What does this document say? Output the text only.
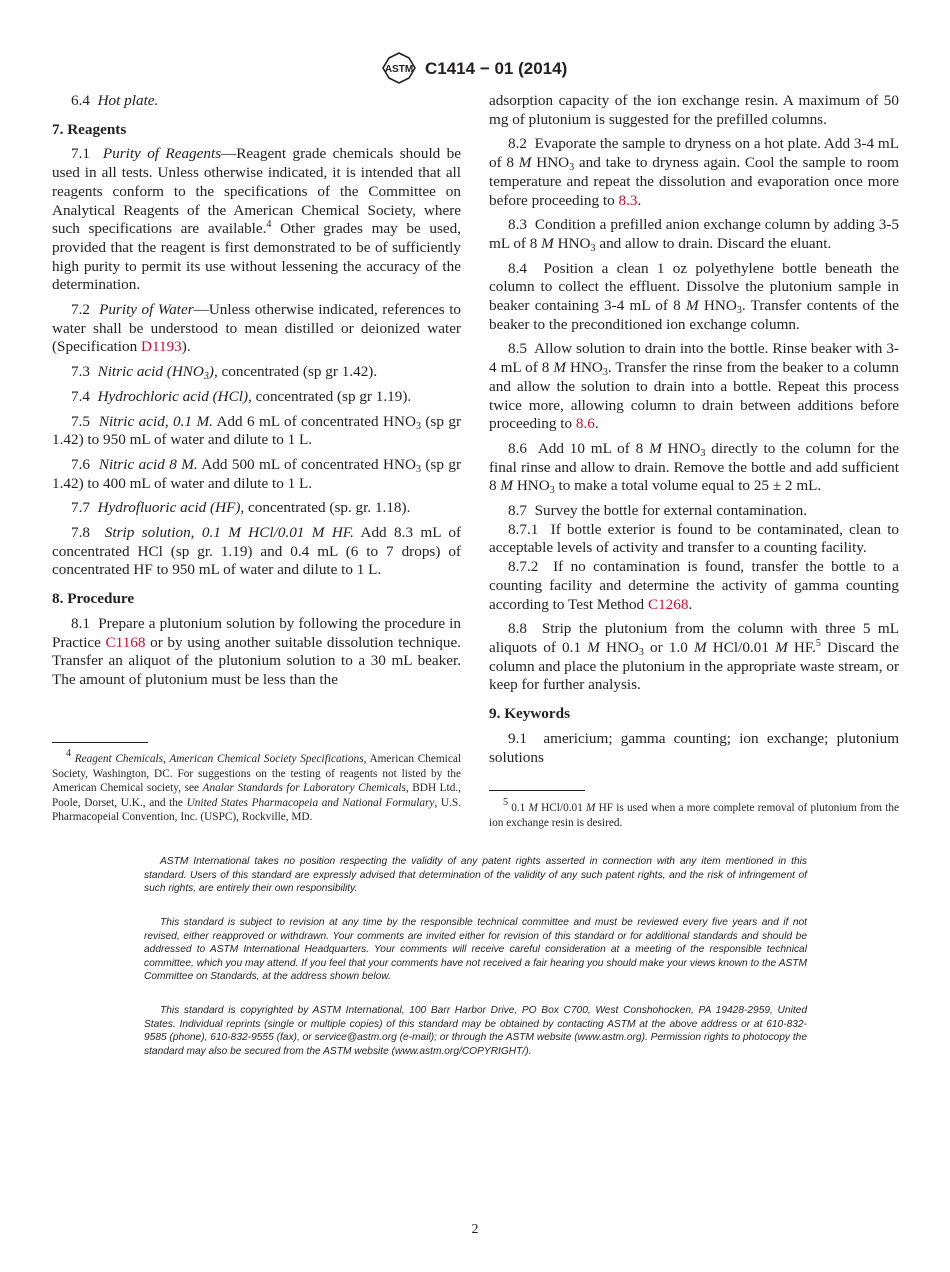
ASTM C1414 − 01 (2014)

6.4 Hot plate.

7. Reagents

7.1 Purity of Reagents—Reagent grade chemicals should be used in all tests. Unless otherwise indicated, it is intended that all reagents conform to the specifications of the Committee on Analytical Reagents of the American Chemical Society, where such specifications are available.$^4$ Other grades may be used, provided that the reagent is first demonstrated to be of sufficiently high purity to permit its use without lessening the accuracy of the determination.

7.2 Purity of Water—Unless otherwise indicated, references to water shall be understood to mean distilled or deionized water (Specification D1193).

7.3 Nitric acid $(HNO_3)$, concentrated (sp gr 1.42).

7.4 Hydrochloric acid (HCl), concentrated (sp gr 1.19).

7.5 Nitric acid, 0.1 M. Add 6 mL of concentrated $HNO_3$ (sp gr 1.42) to 950 mL of water and dilute to 1 L.

7.6 Nitric acid 8 M. Add 500 mL of concentrated $HNO_3$ (sp gr 1.42) to 400 mL of water and dilute to 1 L.

7.7 Hydrofluoric acid (HF), concentrated (sp. gr. 1.18).

7.8 Strip solution, 0.1 M HCl/0.01 M HF. Add 8.3 mL of concentrated HCl (sp gr. 1.19) and 0.4 mL (6 to 7 drops) of concentrated HF to 950 mL of water and dilute to 1 L.

8. Procedure

8.1 Prepare a plutonium solution by following the procedure in Practice C1168 or by using another suitable dissolution technique. Transfer an aliquot of the plutonium solution to a 30 mL beaker. The amount of plutonium must be less than the

adsorption capacity of the ion exchange resin. A maximum of 50 mg of plutonium is suggested for the prefilled columns.

8.2 Evaporate the sample to dryness on a hot plate. Add 3-4 mL of 8 M $HNO_3$ and take to dryness again. Cool the sample to room temperature and repeat the dissolution and evaporation once more before proceeding to 8.3.

8.3 Condition a prefilled anion exchange column by adding 3-5 mL of 8 M $HNO_3$ and allow to drain. Discard the eluant.

8.4 Position a clean 1 oz polyethylene bottle beneath the column to collect the effluent. Dissolve the plutonium sample in beaker containing 3-4 mL of 8 M $HNO_3$. Transfer contents of the beaker to the preconditioned ion exchange column.

8.5 Allow solution to drain into the bottle. Rinse beaker with 3-4 mL of 8 M $HNO_3$. Transfer the rinse from the beaker to a column and allow the solution to drain into a bottle. Repeat this process twice more, allowing column to drain between additions before proceeding to 8.6.

8.6 Add 10 mL of 8 M $HNO_3$ directly to the column for the final rinse and allow to drain. Remove the bottle and add sufficient 8 M $HNO_3$ to make a total volume equal to 25 ± 2 mL.

8.7 Survey the bottle for external contamination.

8.7.1 If bottle exterior is found to be contaminated, clean to acceptable levels of activity and transfer to a counting facility.

8.7.2 If no contamination is found, transfer the bottle to a counting facility and determine the activity of gamma counting according to Test Method C1268.

8.8 Strip the plutonium from the column with three 5 mL aliquots of 0.1 M $HNO_3$ or 1.0 M HCl/0.01 M HF.$^5$ Discard the column and place the plutonium in the appropriate waste stream, or keep for further analysis.

9. Keywords

9.1 americium; gamma counting; ion exchange; plutonium solutions

$^4$ Reagent Chemicals, American Chemical Society Specifications, American Chemical Society, Washington, DC. For suggestions on the testing of reagents not listed by the American Chemical society, see Analar Standards for Laboratory Chemicals, BDH Ltd., Poole, Dorset, U.K., and the United States Pharmacopeia and National Formulary, U.S. Pharmacopeial Convention, Inc. (USPC), Rockville, MD.

$^5$ 0.1 M HCl/0.01 M HF is used when a more complete removal of plutonium from the ion exchange resin is desired.

ASTM International takes no position respecting the validity of any patent rights asserted in connection with any item mentioned in this standard. Users of this standard are expressly advised that determination of the validity of any such patent rights, and the risk of infringement of such rights, are entirely their own responsibility.

This standard is subject to revision at any time by the responsible technical committee and must be reviewed every five years and if not revised, either reapproved or withdrawn. Your comments are invited either for revision of this standard or for additional standards and should be addressed to ASTM International Headquarters. Your comments will receive careful consideration at a meeting of the responsible technical committee, which you may attend. If you feel that your comments have not received a fair hearing you should make your views known to the ASTM Committee on Standards, at the address shown below.

This standard is copyrighted by ASTM International, 100 Barr Harbor Drive, PO Box C700, West Conshohocken, PA 19428-2959, United States. Individual reprints (single or multiple copies) of this standard may be obtained by contacting ASTM at the above address or at 610-832-9585 (phone), 610-832-9555 (fax), or service@astm.org (e-mail); or through the ASTM website (www.astm.org). Permission rights to photocopy the standard may also be secured from the ASTM website (www.astm.org/COPYRIGHT/).

2
